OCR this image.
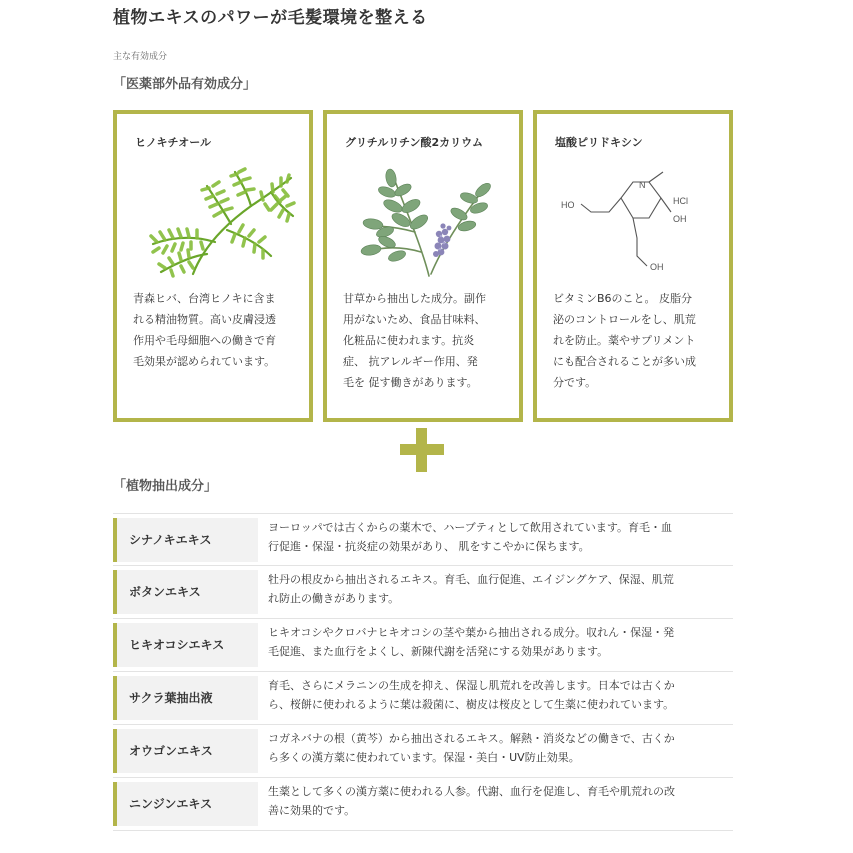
植物エキスのパワーが毛髪環境を整える
主な有効成分
「医薬部外品有効成分」
ヒノキチオール
青森ヒバ、台湾ヒノキに含ま
れる精油物質。高い皮膚浸透
作用や毛母細胞への働きで育
毛効果が認められています。
グリチルリチン酸2カリウム
甘草から抽出した成分。副作
用がないため、食品甘味料、
化粧品に使われます。抗炎
症、 抗アレルギー作用、発
毛を 促す働きがあります。
塩酸ピリドキシン
N
HO	HCl
OH
OH
ビタミンB6のこと。 皮脂分
泌のコントロールをし、肌荒
れを防止。薬やサプリメント
にも配合されることが多い成
分です。
「植物抽出成分」
シナノキエキス
ヨーロッパでは古くからの薬木で、ハーブティとして飲用されています。育毛・血
行促進・保湿・抗炎症の効果があり、 肌をすこやかに保ちます。
ボタンエキス
牡丹の根皮から抽出されるエキス。育毛、血行促進、エイジングケア、保湿、肌荒
れ防止の働きがあります。
ヒキオコシエキス
ヒキオコシやクロバナヒキオコシの茎や葉から抽出される成分。収れん・保湿・発
毛促進、また血行をよくし、新陳代謝を活発にする効果があります。
サクラ葉抽出液
育毛、さらにメラニンの生成を抑え、保湿し肌荒れを改善します。日本では古くか
ら、桜餅に使われるように葉は殺菌に、樹皮は桜皮として生薬に使われています。
オウゴンエキス
コガネバナの根（黄芩）から抽出されるエキス。解熱・消炎などの働きで、古くか
ら多くの漢方薬に使われています。保湿・美白・UV防止効果。
ニンジンエキス
生薬として多くの漢方薬に使われる人参。代謝、血行を促進し、育毛や肌荒れの改
善に効果的です。
